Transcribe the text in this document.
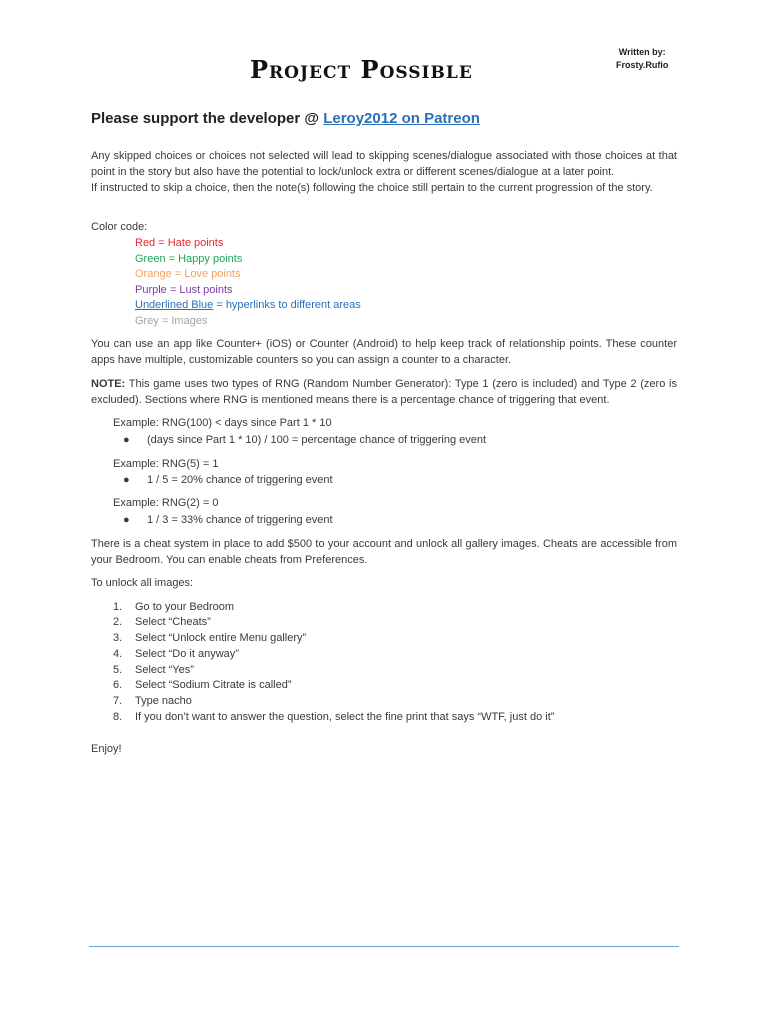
Project Possible
Written by:
Frosty.Rufio

Please support the developer @ Leroy2012 on Patreon

Any skipped choices or choices not selected will lead to skipping scenes/dialogue associated with those choices at that point in the story but also have the potential to lock/unlock extra or different scenes/dialogue at a later point.

If instructed to skip a choice, then the note(s) following the choice still pertain to the current progression of the story.

Color code:

Red = Hate points
Green = Happy points
Orange = Love points
Purple = Lust points
Underlined Blue = hyperlinks to different areas
Grey = Images

You can use an app like Counter+ (iOS) or Counter (Android) to help keep track of relationship points. These counter apps have multiple, customizable counters so you can assign a counter to a character.

NOTE: This game uses two types of RNG (Random Number Generator): Type 1 (zero is included) and Type 2 (zero is excluded). Sections where RNG is mentioned means there is a percentage chance of triggering that event.

Example: RNG(100) < days since Part 1 * 10
● (days since Part 1 * 10) / 100 = percentage chance of triggering event
Example: RNG(5) = 1
● 1 / 5 = 20% chance of triggering event
Example: RNG(2) = 0
● 1 / 3 = 33% chance of triggering event

There is a cheat system in place to add $500 to your account and unlock all gallery images. Cheats are accessible from your Bedroom. You can enable cheats from Preferences.

To unlock all images:

1. Go to your Bedroom
2. Select “Cheats”
3. Select “Unlock entire Menu gallery”
4. Select “Do it anyway”
5. Select “Yes”
6. Select “Sodium Citrate is called”
7. Type nacho
8. If you don’t want to answer the question, select the fine print that says “WTF, just do it”

Enjoy!
